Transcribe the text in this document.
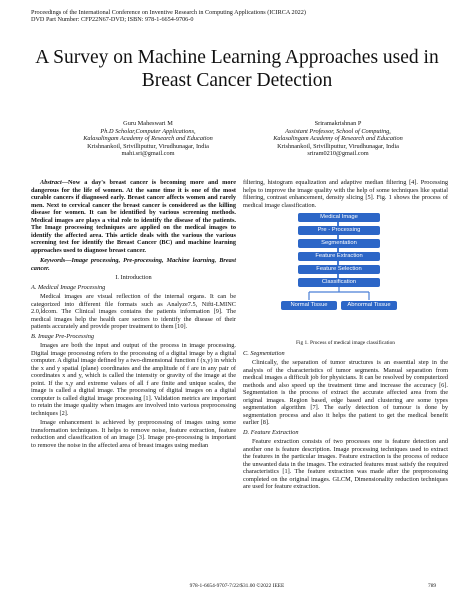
Proceedings of the International Conference on Inventive Research in Computing Applications (ICIRCA 2022)
DVD Part Number: CFP22N67-DVD; ISBN: 978-1-6654-9706-0
A Survey on Machine Learning Approaches used in
Breast Cancer Detection
Guru Maheswari M
Ph.D Scholar,Computer Applications,
Kalasalingam Academy of Research and Education
Krishnankoil, Srivilliputtur, Virudhunagar, India
mahi.sri@gmail.com
Sriramakrishnan P
Assistant Professor, School of Computing,
Kalasalingam Academy of Research and Education
Krishnankoil, Srivilliputtur, Virudhunagar, India
sriram0210@gmail.com

Abstract—Now a day's breast cancer is becoming more and more dangerous for the life of women. At the same time it is one of the most curable cancers if diagnosed early. Breast cancer affects women and rarely men. Next to cervical cancer the breast cancer is considered as the killing disease for women. It can be identified by various screening methods. Medical images are plays a vital role to identify the disease of the patients. The Image processing techniques are applied on the medical images to identify the affected area. This article deals with the various the various screening test for identify the Breast Cancer (BC) and machine learning approaches used to diagnose breast cancer.

Keywords—Image processing, Pre-processing, Machine learning, Breast cancer.

I. Introduction

A. Medical Image Processing

Medical images are visual reflection of the internal organs. It can be categorized into different file formats such as Analyze7.5, Nifti-LMINC 2.0,ldcom. The Clinical images contains the patients information [9]. The medical images help the health care sectors to identify the disease of their patients accurately and provide proper treatment to them [10].

B. Image Pre-Processing

Images are both the input and output of the process in image processing. Digital image processing refers to the processing of a digital image by a digital computer. A digital image defined by a two-dimensional function f (x,y) in which the x and y spatial (plane) coordinates and the amplitude of f are in any pair of coordinates x and y, which is called the intensity or gravity of the image at the point. If the x,y and extreme values of all f are finite and unique scales, the image is called a digital image. The processing of digital images on a digital computer is called digital image processing [1]. Validation metrics are important to retain the image quality when images are involved into various preprocessing techniques [2].

Image enhancement is achieved by preprocessing of images using some transformation techniques. It helps to remove noise, feature extraction, feature reduction and classification of an image [3]. Image pre-processing is important to remove the noise in the affected area of breast images using median

filtering, histogram equalization and adaptive median filtering [4]. Processing helps to improve the image quality with the help of some techniques like spatial filtering, contrast enhancement, density slicing [5]. Fig. 1 shows the process of medical image classification.

Medical Image
Pre - Processing
Segmentation
Feature Extraction
Feature Selection
Classification
Normal Tissue	Abnormal Tissue

Fig 1. Process of medical image classification

C. Segmentation

Clinically, the separation of tumor structures is an essential step in the analysis of the characteristics of tumor segments. Manual separation from medical images a difficult job for physicians. It can be resolved by computerized methods and also speed up the treatment time and increase the accuracy [6]. Segmentation is the process of extract the accurate affected area from the original images. Region based, edge based and clustering are some types segmentation algorithm [7]. The early detection of tumour is done by segmentation process and also it helps the patient to get the medical benefit earlier [8].

D. Feature Extraction

Feature extraction consists of two processes one is feature detection and another one is feature description. Image processing techniques used to extract the features in the particular images. Feature extraction is the process of reduce the unwanted data in the images. The extracted features must satisfy the required characteristics [1]. The feature extraction was made after the preprocessing completed on the original images. GLCM, Dimensionality reduction techniques are used for feature extraction.

978-1-6654-9707-7/22/$31.00 ©2022 IEEE	789
